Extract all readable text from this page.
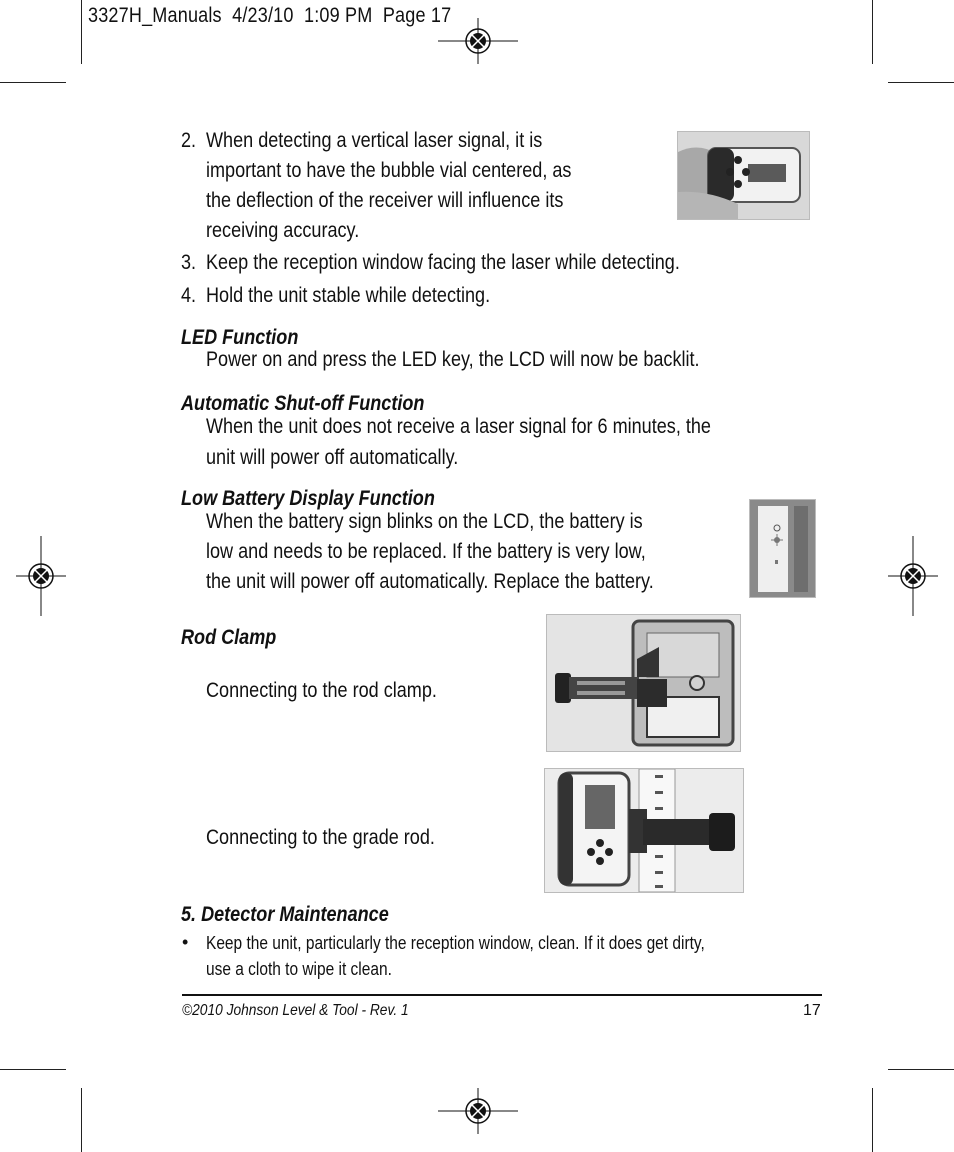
3327H_Manuals  4/23/10  1:09 PM  Page 17
2. When detecting a vertical laser signal, it is
important to have the bubble vial centered, as
the deflection of the receiver will influence its
receiving accuracy.
3. Keep the reception window facing the laser while detecting.
4. Hold the unit stable while detecting.
LED Function
Power on and press the LED key, the LCD will now be backlit.
Automatic Shut-off Function
When the unit does not receive a laser signal for 6 minutes, the
unit will power off automatically.
Low Battery Display Function
When the battery sign blinks on the LCD, the battery is
low and needs to be replaced. If the battery is very low,
the unit will power off automatically. Replace the battery.
Rod Clamp
Connecting to the rod clamp.
Connecting to the grade rod.
5. Detector Maintenance
• Keep the unit, particularly the reception window, clean. If it does get dirty,
use a cloth to wipe it clean.
©2010 Johnson Level & Tool - Rev. 1	17
